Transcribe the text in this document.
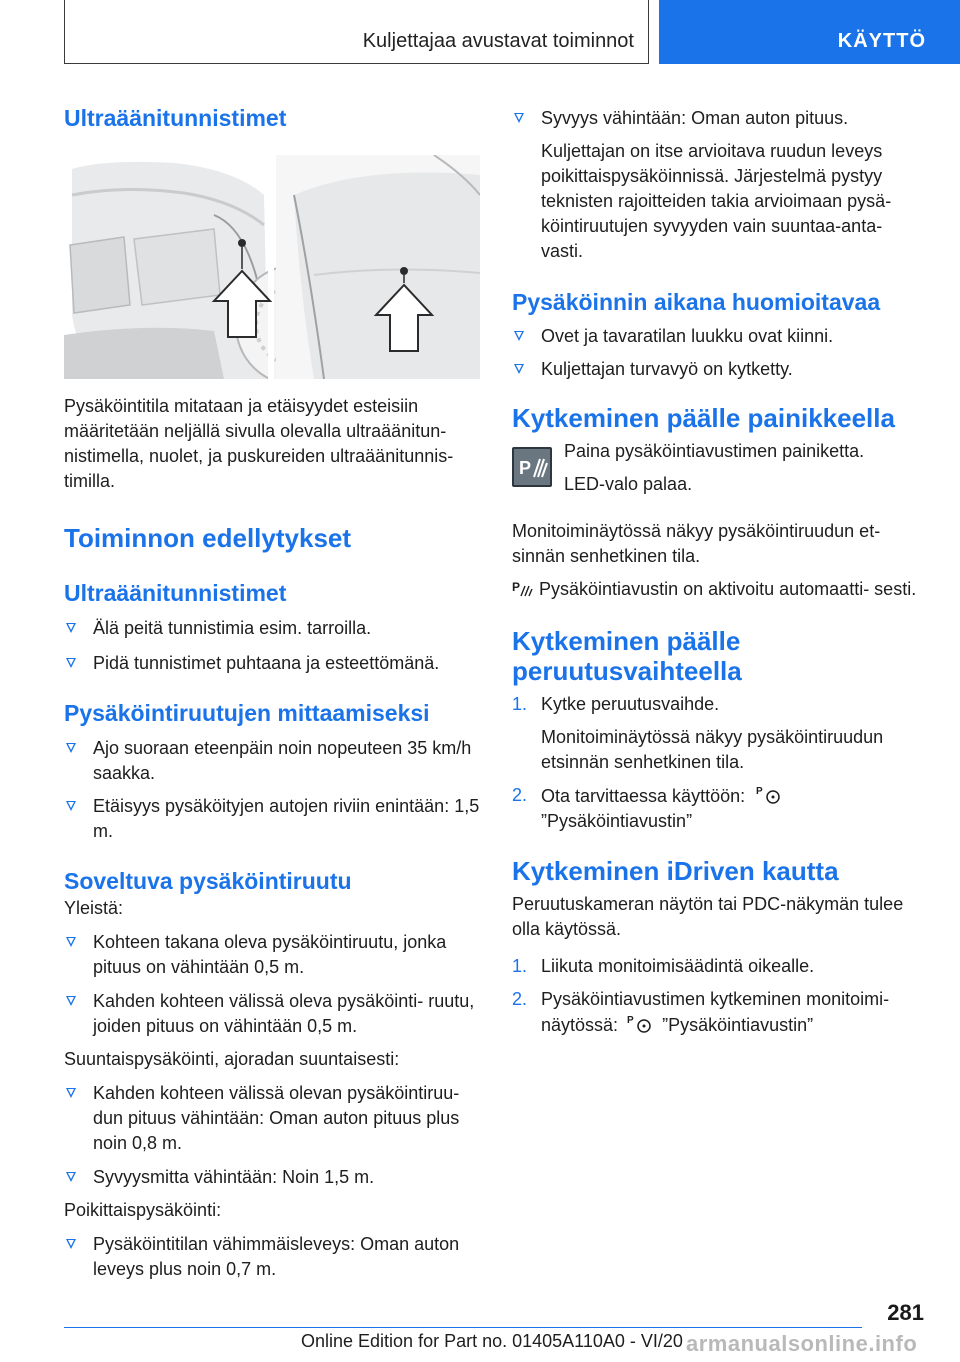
Kuljettajaa avustavat toiminnot	KÄYTTÖ
Ultraäänitunnistimet
Pysäköintitila mitataan ja etäisyydet esteisiin määritetään neljällä sivulla olevalla ultraäänitun- nistimella, nuolet, ja puskureiden ultraäänitunnis- timilla.
Toiminnon edellytykset
Ultraäänitunnistimet
Älä peitä tunnistimia esim. tarroilla.
Pidä tunnistimet puhtaana ja esteettömänä.
Pysäköintiruutujen mittaamiseksi
Ajo suoraan eteenpäin noin nopeuteen 35 km/h saakka.
Etäisyys pysäköityjen autojen riviin enintään: 1,5 m.
Soveltuva pysäköintiruutu
Yleistä:
Kohteen takana oleva pysäköintiruutu, jonka pituus on vähintään 0,5 m.
Kahden kohteen välissä oleva pysäköinti- ruutu, joiden pituus on vähintään 0,5 m.
Suuntaispysäköinti, ajoradan suuntaisesti:
Kahden kohteen välissä olevan pysäköintiruu- dun pituus vähintään: Oman auton pituus plus noin 0,8 m.
Syvyysmitta vähintään: Noin 1,5 m.
Poikittaispysäköinti:
Pysäköintitilan vähimmäisleveys: Oman auton leveys plus noin 0,7 m.
Syvyys vähintään: Oman auton pituus.
Kuljettajan on itse arvioitava ruudun leveys poikittaispysäköinnissä. Järjestelmä pystyy teknisten rajoitteiden takia arvioimaan pysä- köintiruutujen syvyyden vain suuntaa-anta- vasti.
Pysäköinnin aikana huomioitavaa
Ovet ja tavaratilan luukku ovat kiinni.
Kuljettajan turvavyö on kytketty.
Kytkeminen päälle painikkeella
P
Paina pysäköintiavustimen painiketta.
LED-valo palaa.
Monitoiminäytössä näkyy pysäköintiruudun et- sinnän senhetkinen tila.
P Pysäköintiavustin on aktivoitu automaatti- sesti.
Kytkeminen päälle
peruutusvaihteella
1. Kytke peruutusvaihde.
Monitoiminäytössä näkyy pysäköintiruudun etsinnän senhetkinen tila.
2. Ota tarvittaessa käyttöön: P
”Pysäköintiavustin”
Kytkeminen iDriven kautta
Peruutuskameran näytön tai PDC-näkymän tulee olla käytössä.
1. Liikuta monitoimisäädintä oikealle.
2. Pysäköintiavustimen kytkeminen monitoimi- näytössä: P ”Pysäköintiavustin”
281
Online Edition for Part no. 01405A110A0 - VI/20 armanualsonline.info
